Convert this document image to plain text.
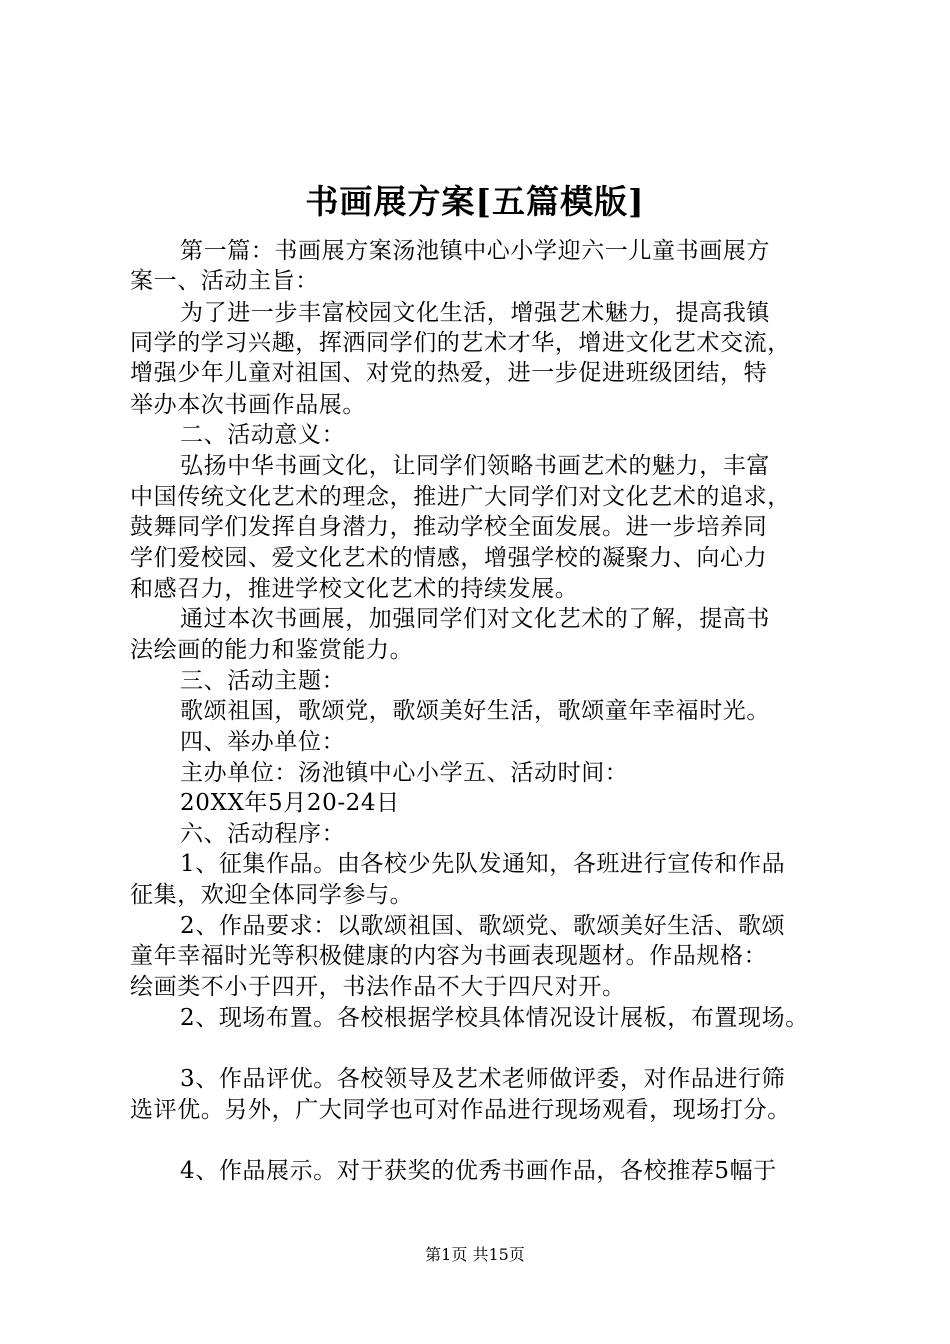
书画展方案[五篇模版]
第一篇：书画展方案汤池镇中心小学迎六一儿童书画展方
案一、活动主旨：
为了进一步丰富校园文化生活，增强艺术魅力，提高我镇
同学的学习兴趣，挥洒同学们的艺术才华，增进文化艺术交流，
增强少年儿童对祖国、对党的热爱，进一步促进班级团结，特
举办本次书画作品展。
二、活动意义：
弘扬中华书画文化，让同学们领略书画艺术的魅力，丰富
中国传统文化艺术的理念，推进广大同学们对文化艺术的追求，
鼓舞同学们发挥自身潜力，推动学校全面发展。进一步培养同
学们爱校园、爱文化艺术的情感，增强学校的凝聚力、向心力
和感召力，推进学校文化艺术的持续发展。
通过本次书画展，加强同学们对文化艺术的了解，提高书
法绘画的能力和鉴赏能力。
三、活动主题：
歌颂祖国，歌颂党，歌颂美好生活，歌颂童年幸福时光。
四、举办单位：
主办单位：汤池镇中心小学五、活动时间：
20XX年5月20-24日
六、活动程序：
1、征集作品。由各校少先队发通知，各班进行宣传和作品
征集，欢迎全体同学参与。
2、作品要求：以歌颂祖国、歌颂党、歌颂美好生活、歌颂
童年幸福时光等积极健康的内容为书画表现题材。作品规格：
绘画类不小于四开，书法作品不大于四尺对开。
2、现场布置。各校根据学校具体情况设计展板，布置现场。
3、作品评优。各校领导及艺术老师做评委，对作品进行筛
选评优。另外，广大同学也可对作品进行现场观看，现场打分。
4、作品展示。对于获奖的优秀书画作品，各校推荐5幅于
第1页 共15页
